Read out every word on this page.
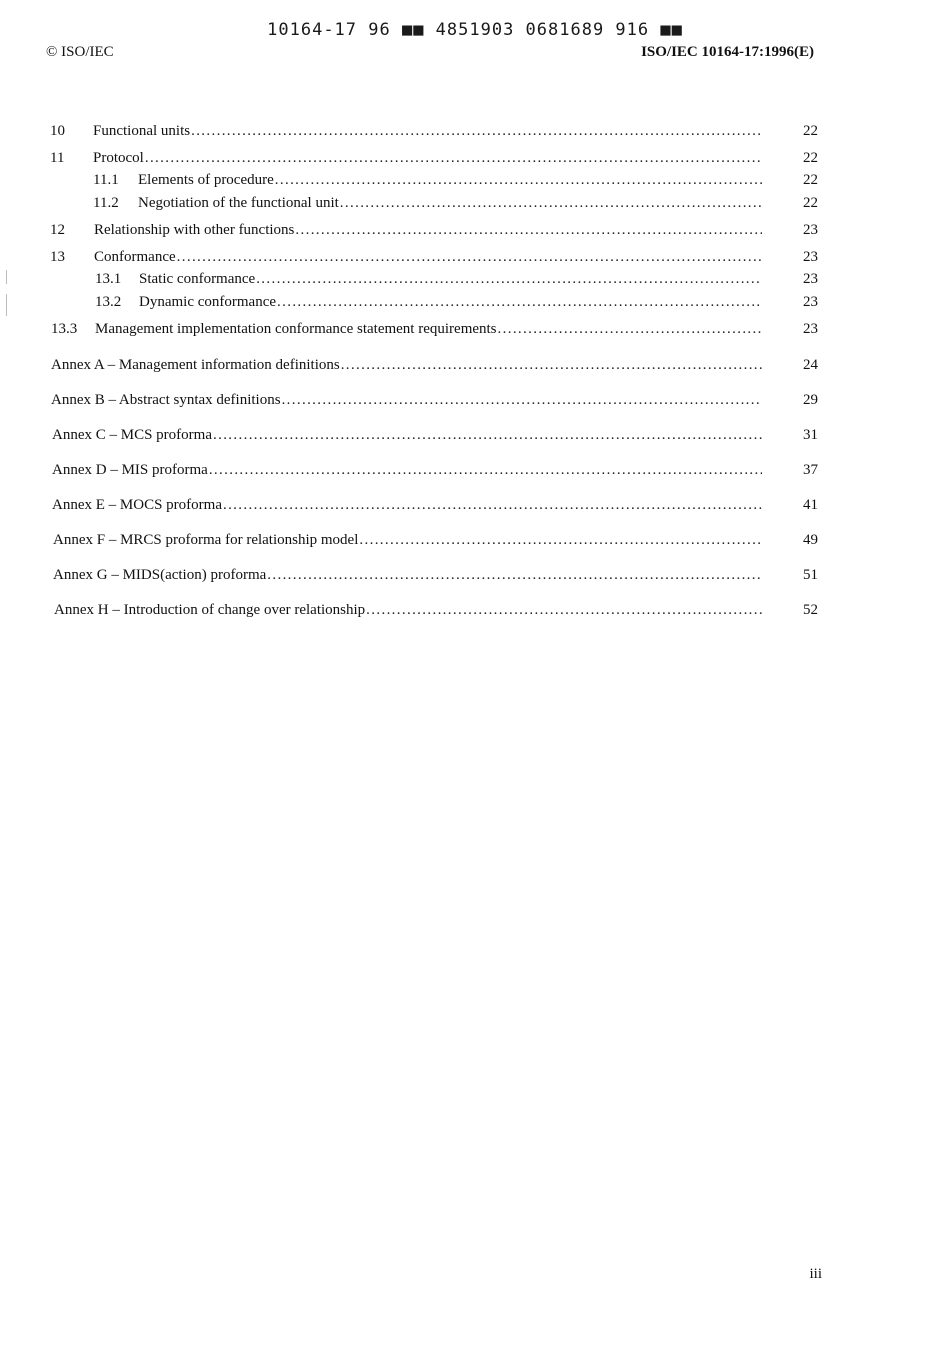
10164-17 96 ■■ 4851903 0681689 916 ■■
© ISO/IEC	ISO/IEC 10164-17:1996(E)
10 Functional units . . .	22
11 Protocol . . .	22
11.1 Elements of procedure . . .	22
11.2 Negotiation of the functional unit . . .	22
12 Relationship with other functions . . .	23
13 Conformance . . .	23
13.1 Static conformance . . .	23
13.2 Dynamic conformance . . .	23
13.3 Management implementation conformance statement requirements . . .	23
Annex A – Management information definitions . . .	24
Annex B – Abstract syntax definitions . . .	29
Annex C – MCS proforma . . .	31
Annex D – MIS proforma . . .	37
Annex E – MOCS proforma . . .	41
Annex F – MRCS proforma for relationship model . . .	49
Annex G – MIDS(action) proforma . . .	51
Annex H – Introduction of change over relationship . . .	52
iii
